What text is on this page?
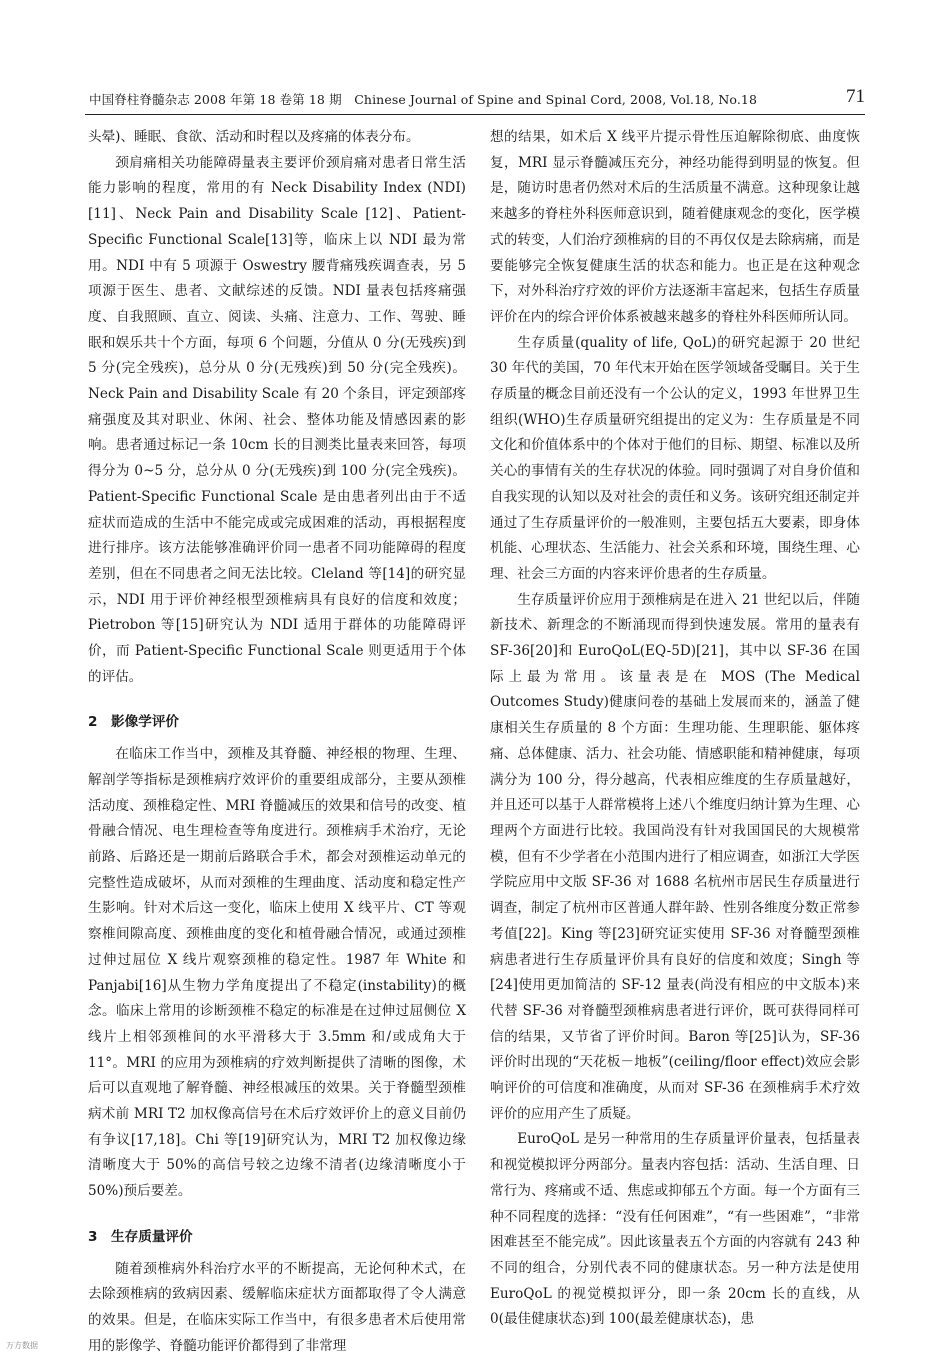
中国脊柱脊髓杂志 2008 年第 18 卷第 18 期　Chinese Journal of Spine and Spinal Cord, 2008, Vol.18, No.18	71

头晕)、睡眠、食欲、活动和时程以及疼痛的体表分布。

颈肩痛相关功能障碍量表主要评价颈肩痛对患者日常生活能力影响的程度，常用的有 Neck Disability Index (NDI)[11]、Neck Pain and Disability Scale [12]、Patient-Specific Functional Scale[13]等，临床上以 NDI 最为常用。NDI 中有 5 项源于 Oswestry 腰背痛残疾调查表，另 5 项源于医生、患者、文献综述的反馈。NDI 量表包括疼痛强度、自我照顾、直立、阅读、头痛、注意力、工作、驾驶、睡眠和娱乐共十个方面，每项 6 个问题，分值从 0 分(无残疾)到 5 分(完全残疾)，总分从 0 分(无残疾)到 50 分(完全残疾)。Neck Pain and Disability Scale 有 20 个条目，评定颈部疼痛强度及其对职业、休闲、社会、整体功能及情感因素的影响。患者通过标记一条 10cm 长的目测类比量表来回答，每项得分为 0~5 分，总分从 0 分(无残疾)到 100 分(完全残疾)。Patient-Specific Functional Scale 是由患者列出由于不适症状而造成的生活中不能完成或完成困难的活动，再根据程度进行排序。该方法能够准确评价同一患者不同功能障碍的程度差别，但在不同患者之间无法比较。Cleland 等[14]的研究显示，NDI 用于评价神经根型颈椎病具有良好的信度和效度；Pietrobon 等[15]研究认为 NDI 适用于群体的功能障碍评价，而 Patient-Specific Functional Scale 则更适用于个体的评估。

2　影像学评价

在临床工作当中，颈椎及其脊髓、神经根的物理、生理、解剖学等指标是颈椎病疗效评价的重要组成部分，主要从颈椎活动度、颈椎稳定性、MRI 脊髓减压的效果和信号的改变、植骨融合情况、电生理检查等角度进行。颈椎病手术治疗，无论前路、后路还是一期前后路联合手术，都会对颈椎运动单元的完整性造成破坏，从而对颈椎的生理曲度、活动度和稳定性产生影响。针对术后这一变化，临床上使用 X 线平片、CT 等观察椎间隙高度、颈椎曲度的变化和植骨融合情况，或通过颈椎过伸过屈位 X 线片观察颈椎的稳定性。1987 年 White 和 Panjabi[16]从生物力学角度提出了不稳定(instability)的概念。临床上常用的诊断颈椎不稳定的标准是在过伸过屈侧位 X 线片上相邻颈椎间的水平滑移大于 3.5mm 和/或成角大于 11°。MRI 的应用为颈椎病的疗效判断提供了清晰的图像，术后可以直观地了解脊髓、神经根减压的效果。关于脊髓型颈椎病术前 MRI T2 加权像高信号在术后疗效评价上的意义目前仍有争议[17,18]。Chi 等[19]研究认为，MRI T2 加权像边缘清晰度大于 50%的高信号较之边缘不清者(边缘清晰度小于 50%)预后要差。

3　生存质量评价

随着颈椎病外科治疗水平的不断提高，无论何种术式，在去除颈椎病的致病因素、缓解临床症状方面都取得了令人满意的效果。但是，在临床实际工作当中，有很多患者术后使用常用的影像学、脊髓功能评价都得到了非常理

想的结果，如术后 X 线平片提示骨性压迫解除彻底、曲度恢复，MRI 显示脊髓减压充分，神经功能得到明显的恢复。但是，随访时患者仍然对术后的生活质量不满意。这种现象让越来越多的脊柱外科医师意识到，随着健康观念的变化，医学模式的转变，人们治疗颈椎病的目的不再仅仅是去除病痛，而是要能够完全恢复健康生活的状态和能力。也正是在这种观念下，对外科治疗疗效的评价方法逐渐丰富起来，包括生存质量评价在内的综合评价体系被越来越多的脊柱外科医师所认同。

生存质量(quality of life, QoL)的研究起源于 20 世纪 30 年代的美国，70 年代末开始在医学领域备受瞩目。关于生存质量的概念目前还没有一个公认的定义，1993 年世界卫生组织(WHO)生存质量研究组提出的定义为：生存质量是不同文化和价值体系中的个体对于他们的目标、期望、标准以及所关心的事情有关的生存状况的体验。同时强调了对自身价值和自我实现的认知以及对社会的责任和义务。该研究组还制定并通过了生存质量评价的一般准则，主要包括五大要素，即身体机能、心理状态、生活能力、社会关系和环境，围绕生理、心理、社会三方面的内容来评价患者的生存质量。

生存质量评价应用于颈椎病是在进入 21 世纪以后，伴随新技术、新理念的不断涌现而得到快速发展。常用的量表有 SF-36[20]和 EuroQoL(EQ-5D)[21]，其中以 SF-36 在国际上最为常用。该量表是在 MOS (The Medical Outcomes Study)健康问卷的基础上发展而来的，涵盖了健康相关生存质量的 8 个方面：生理功能、生理职能、躯体疼痛、总体健康、活力、社会功能、情感职能和精神健康，每项满分为 100 分，得分越高，代表相应维度的生存质量越好，并且还可以基于人群常模将上述八个维度归纳计算为生理、心理两个方面进行比较。我国尚没有针对我国国民的大规模常模，但有不少学者在小范围内进行了相应调查，如浙江大学医学院应用中文版 SF-36 对 1688 名杭州市居民生存质量进行调查，制定了杭州市区普通人群年龄、性别各维度分数正常参考值[22]。King 等[23]研究证实使用 SF-36 对脊髓型颈椎病患者进行生存质量评价具有良好的信度和效度；Singh 等[24]使用更加简洁的 SF-12 量表(尚没有相应的中文版本)来代替 SF-36 对脊髓型颈椎病患者进行评价，既可获得同样可信的结果，又节省了评价时间。Baron 等[25]认为，SF-36 评价时出现的“天花板－地板”(ceiling/floor effect)效应会影响评价的可信度和准确度，从而对 SF-36 在颈椎病手术疗效评价的应用产生了质疑。

EuroQoL 是另一种常用的生存质量评价量表，包括量表和视觉模拟评分两部分。量表内容包括：活动、生活自理、日常行为、疼痛或不适、焦虑或抑郁五个方面。每一个方面有三种不同程度的选择：“没有任何困难”，“有一些困难”，“非常困难甚至不能完成”。因此该量表五个方面的内容就有 243 种不同的组合，分别代表不同的健康状态。另一种方法是使用 EuroQoL 的视觉模拟评分，即一条 20cm 长的直线，从 0(最佳健康状态)到 100(最差健康状态)，患

万方数据
